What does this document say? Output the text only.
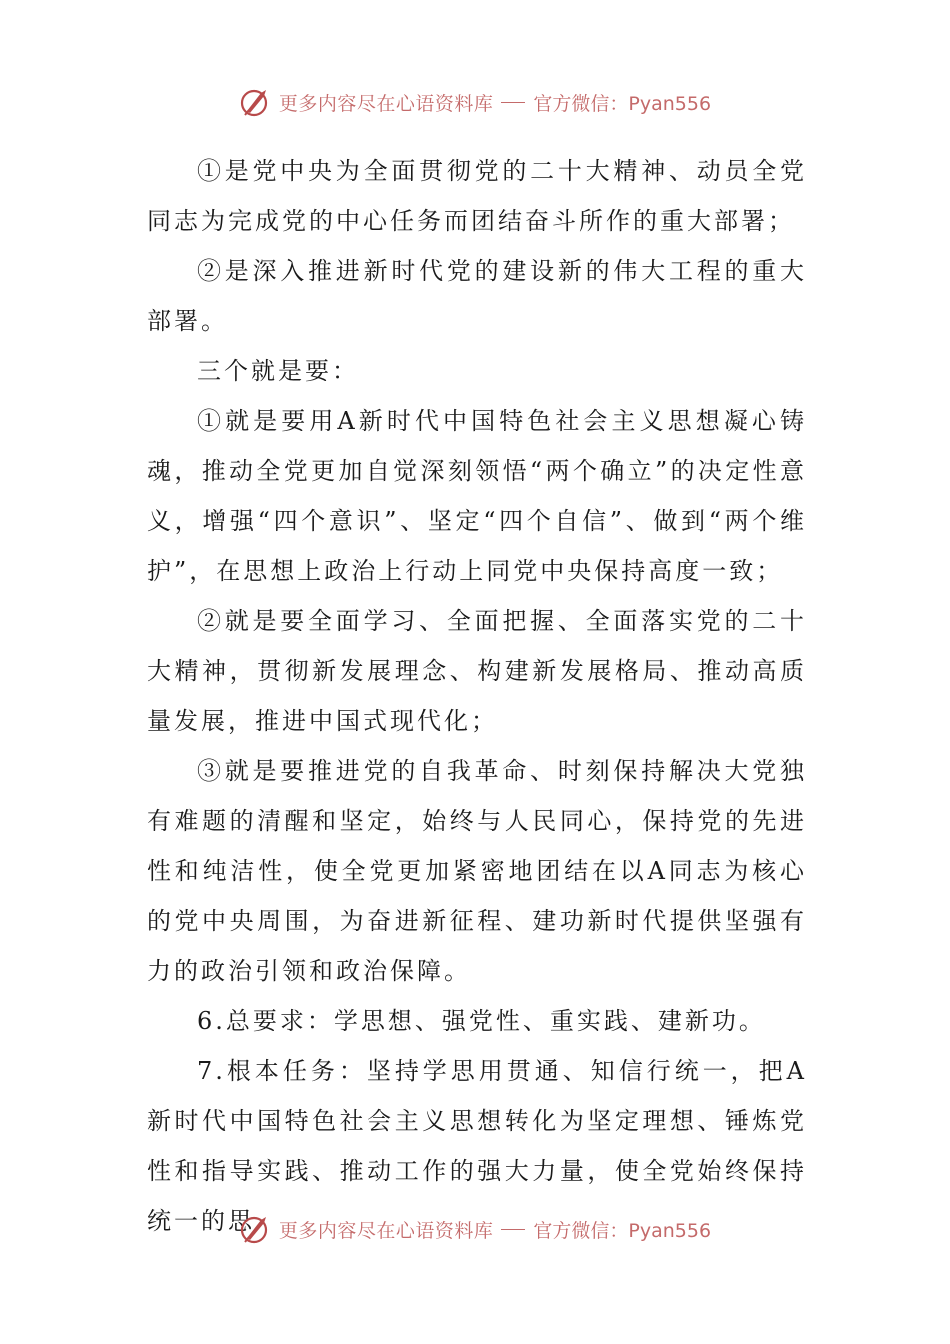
更多内容尽在心语资料库 官方微信：Pyan556

①是党中央为全面贯彻党的二十大精神、动员全党同志为完成党的中心任务而团结奋斗所作的重大部署；

②是深入推进新时代党的建设新的伟大工程的重大部署。

三个就是要：

①就是要用A新时代中国特色社会主义思想凝心铸魂，推动全党更加自觉深刻领悟“两个确立”的决定性意义，增强“四个意识”、坚定“四个自信”、做到“两个维护”，在思想上政治上行动上同党中央保持高度一致；

②就是要全面学习、全面把握、全面落实党的二十大精神，贯彻新发展理念、构建新发展格局、推动高质量发展，推进中国式现代化；

③就是要推进党的自我革命、时刻保持解决大党独有难题的清醒和坚定，始终与人民同心，保持党的先进性和纯洁性，使全党更加紧密地团结在以A同志为核心的党中央周围，为奋进新征程、建功新时代提供坚强有力的政治引领和政治保障。

6.总要求：学思想、强党性、重实践、建新功。

7.根本任务：坚持学思用贯通、知信行统一，把A新时代中国特色社会主义思想转化为坚定理想、锤炼党性和指导实践、推动工作的强大力量，使全党始终保持统一的思	更多内容尽在心语资料库 官方微信：Pyan556
